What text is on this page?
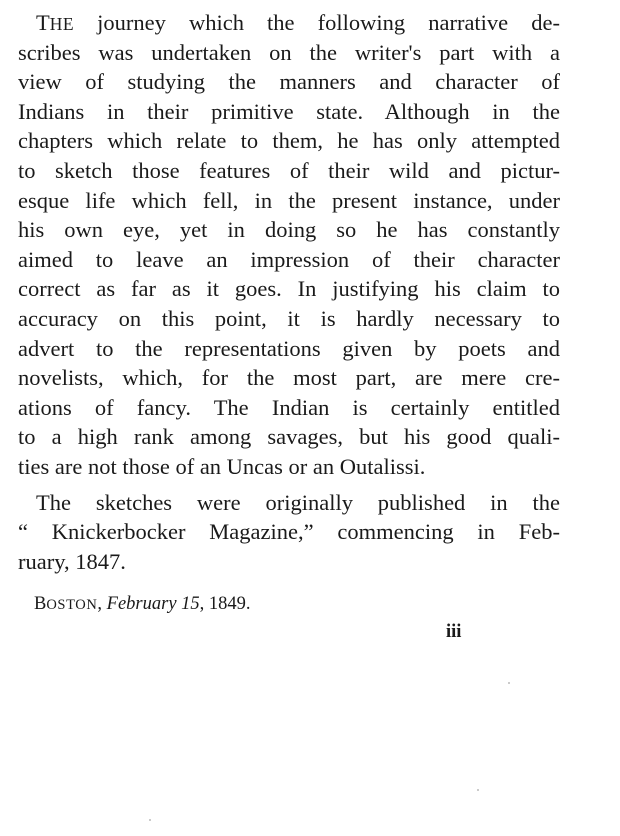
THE journey which the following narrative de-
scribes was undertaken on the writer's part with a
view of studying the manners and character of
Indians in their primitive state. Although in the
chapters which relate to them, he has only attempted
to sketch those features of their wild and pictur-
esque life which fell, in the present instance, under
his own eye, yet in doing so he has constantly
aimed to leave an impression of their character
correct as far as it goes. In justifying his claim to
accuracy on this point, it is hardly necessary to
advert to the representations given by poets and
novelists, which, for the most part, are mere cre-
ations of fancy. The Indian is certainly entitled
to a high rank among savages, but his good quali-
ties are not those of an Uncas or an Outalissi.
The sketches were originally published in the
“ Knickerbocker Magazine,” commencing in Feb-
ruary, 1847.
BOSTON, February 15, 1849.
iii
